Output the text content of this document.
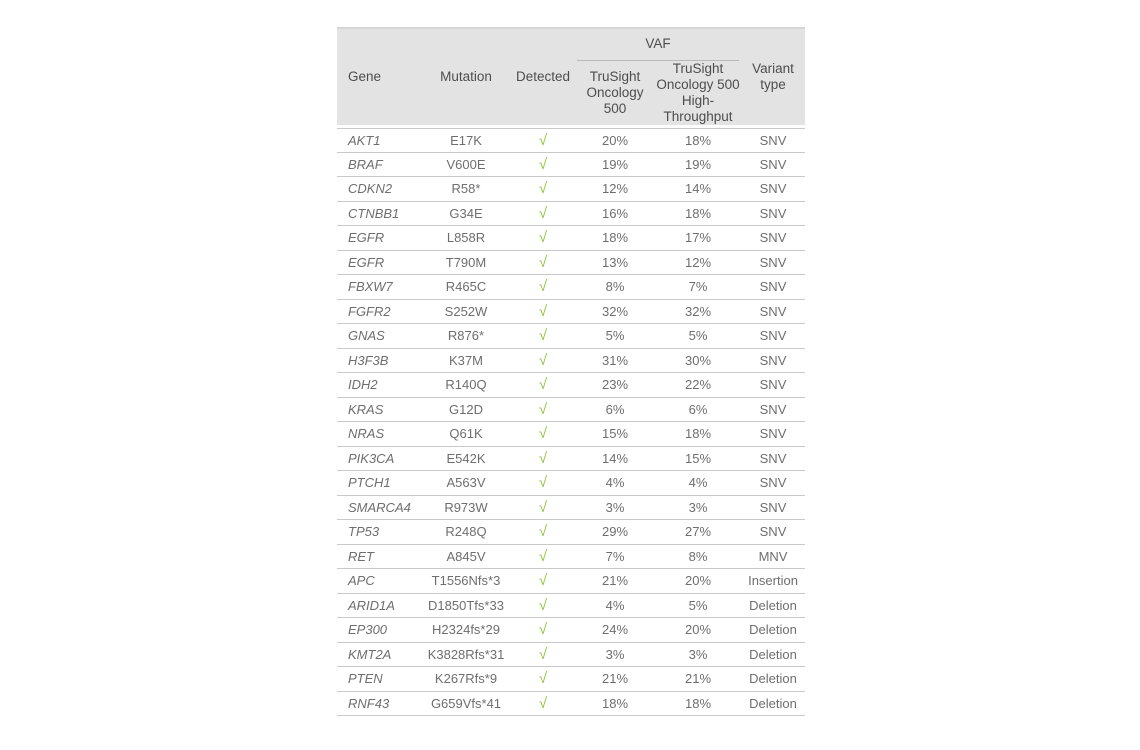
Gene	Mutation	Detected	VAF		Variant type
			TruSight Oncology 500	TruSight Oncology 500 High-Throughput	
AKT1	E17K	√	20%	18%	SNV
BRAF	V600E	√	19%	19%	SNV
CDKN2	R58*	√	12%	14%	SNV
CTNBB1	G34E	√	16%	18%	SNV
EGFR	L858R	√	18%	17%	SNV
EGFR	T790M	√	13%	12%	SNV
FBXW7	R465C	√	8%	7%	SNV
FGFR2	S252W	√	32%	32%	SNV
GNAS	R876*	√	5%	5%	SNV
H3F3B	K37M	√	31%	30%	SNV
IDH2	R140Q	√	23%	22%	SNV
KRAS	G12D	√	6%	6%	SNV
NRAS	Q61K	√	15%	18%	SNV
PIK3CA	E542K	√	14%	15%	SNV
PTCH1	A563V	√	4%	4%	SNV
SMARCA4	R973W	√	3%	3%	SNV
TP53	R248Q	√	29%	27%	SNV
RET	A845V	√	7%	8%	MNV
APC	T1556Nfs*3	√	21%	20%	Insertion
ARID1A	D1850Tfs*33	√	4%	5%	Deletion
EP300	H2324fs*29	√	24%	20%	Deletion
KMT2A	K3828Rfs*31	√	3%	3%	Deletion
PTEN	K267Rfs*9	√	21%	21%	Deletion
RNF43	G659Vfs*41	√	18%	18%	Deletion
